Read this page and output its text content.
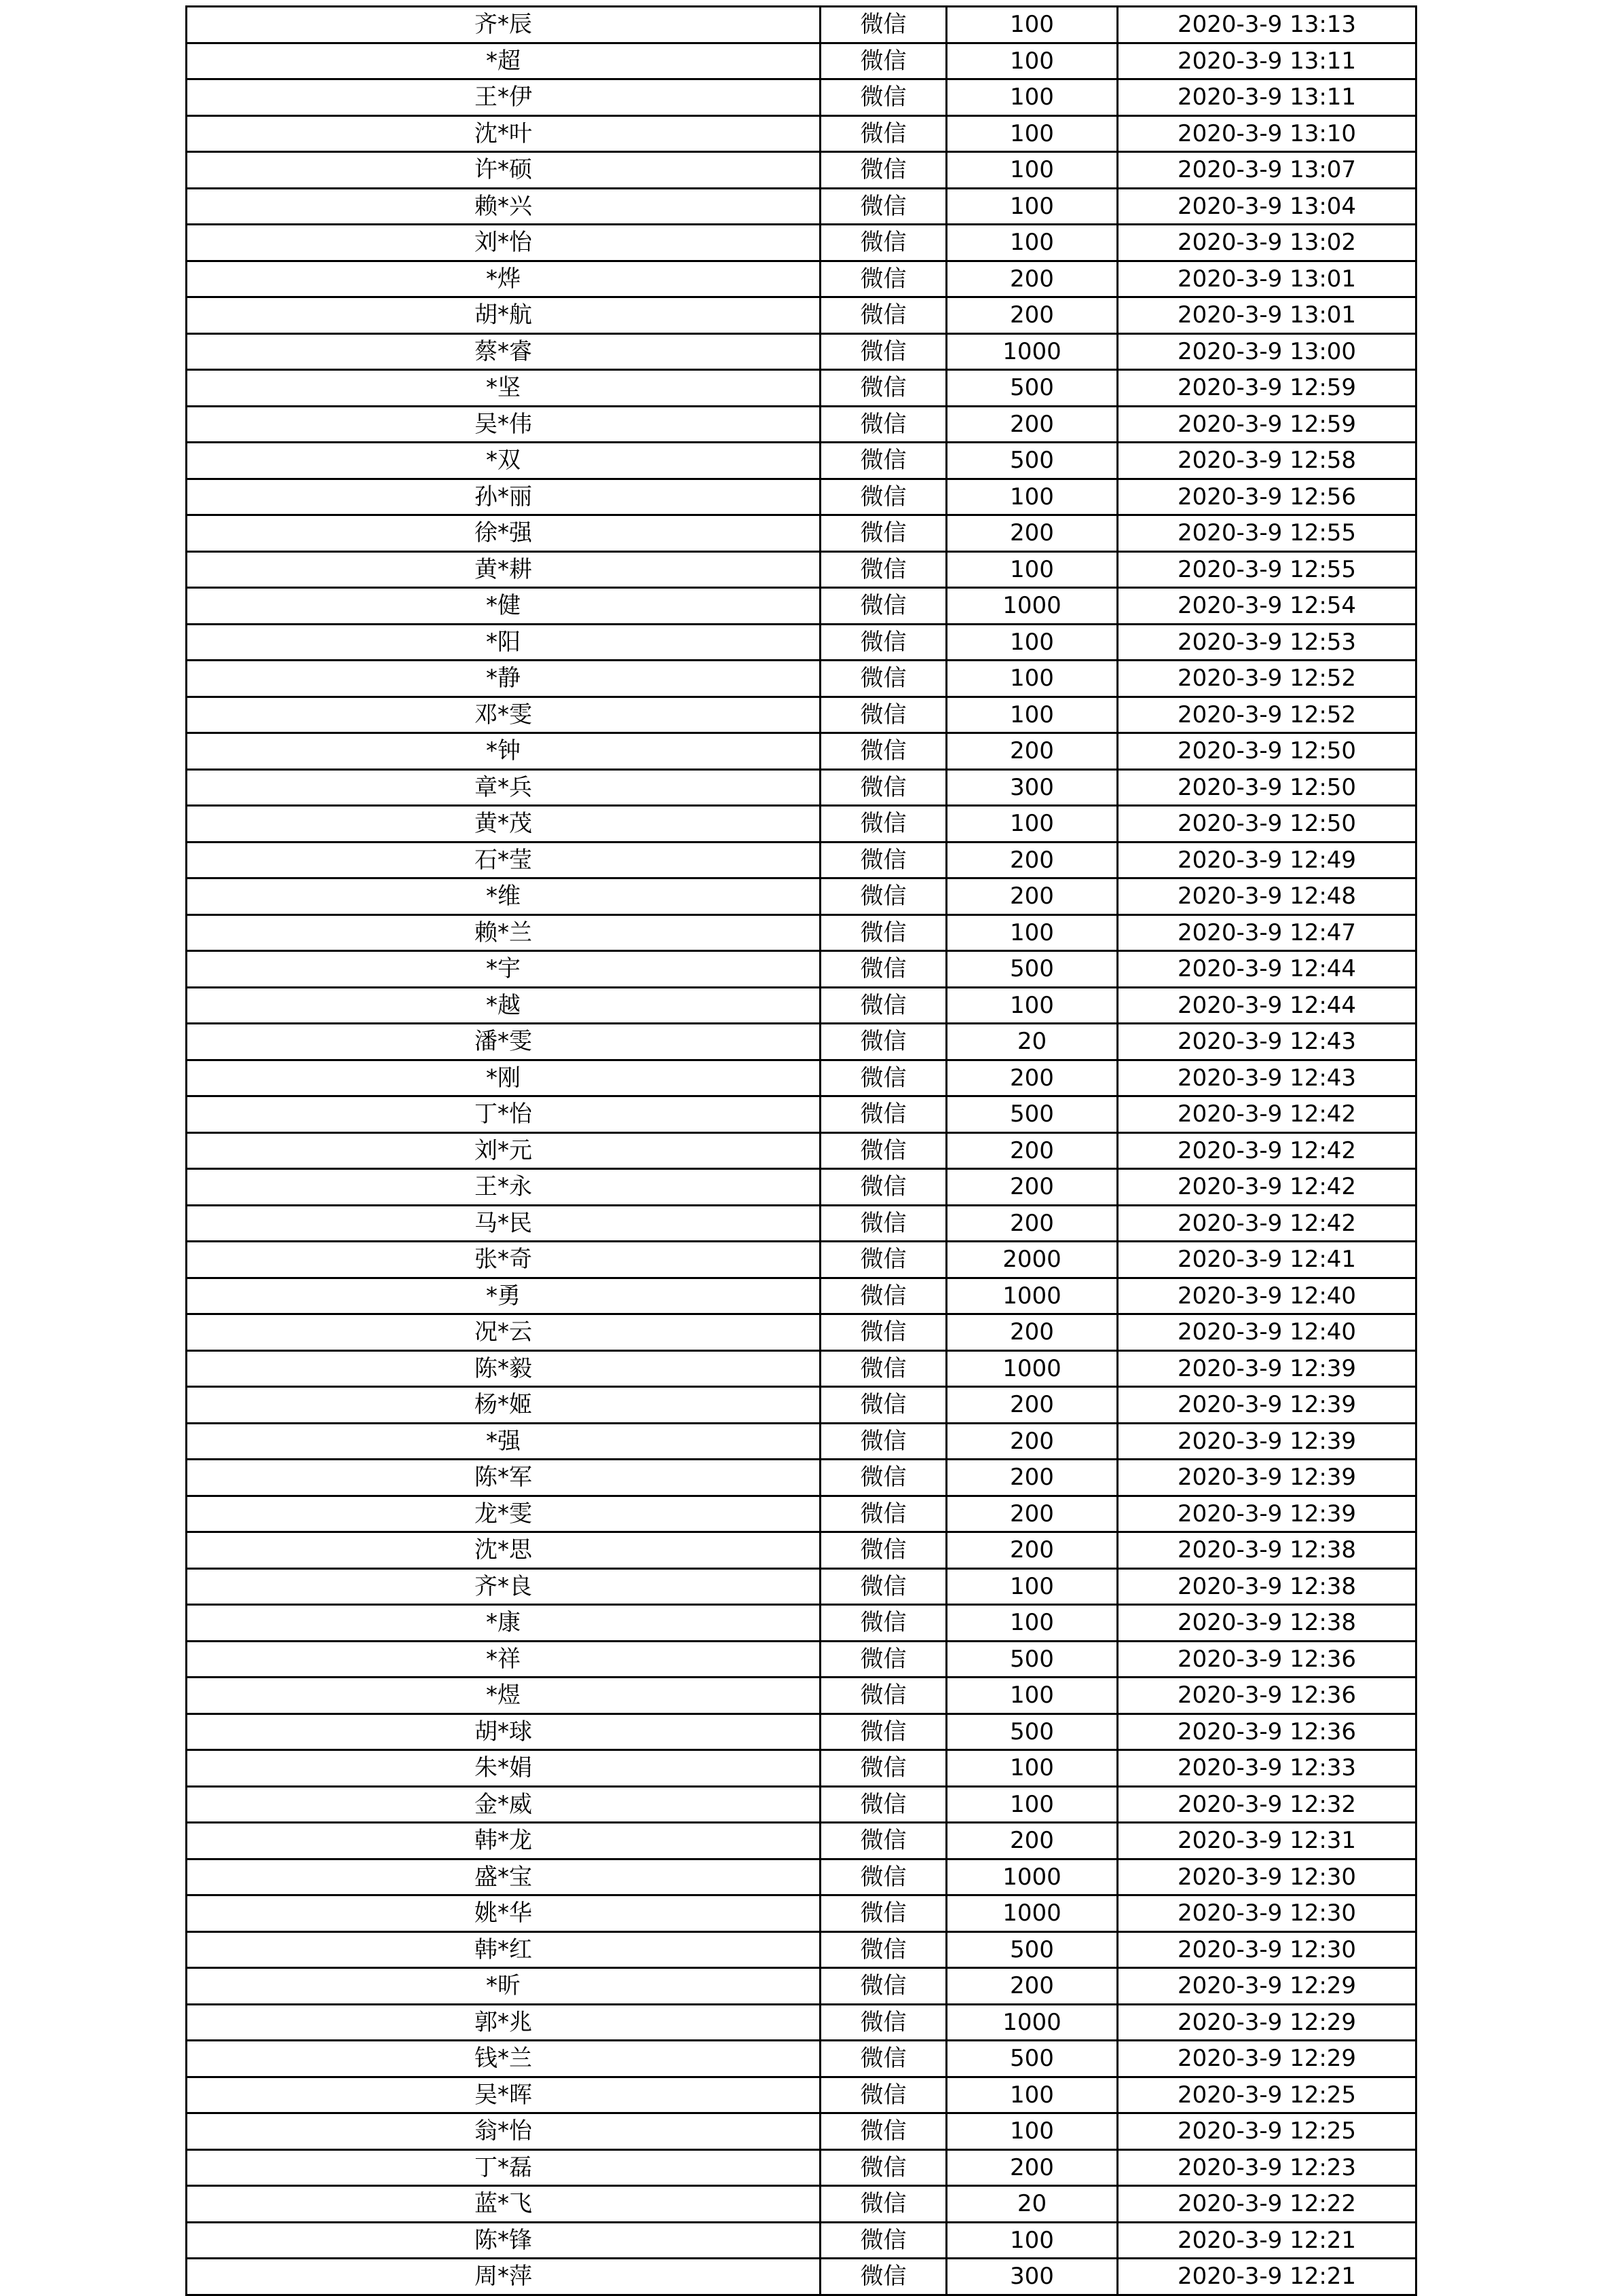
齐*辰	微信	100	2020-3-9 13:13
*超	微信	100	2020-3-9 13:11
王*伊	微信	100	2020-3-9 13:11
沈*叶	微信	100	2020-3-9 13:10
许*硕	微信	100	2020-3-9 13:07
赖*兴	微信	100	2020-3-9 13:04
刘*怡	微信	100	2020-3-9 13:02
*烨	微信	200	2020-3-9 13:01
胡*航	微信	200	2020-3-9 13:01
蔡*睿	微信	1000	2020-3-9 13:00
*坚	微信	500	2020-3-9 12:59
吴*伟	微信	200	2020-3-9 12:59
*双	微信	500	2020-3-9 12:58
孙*丽	微信	100	2020-3-9 12:56
徐*强	微信	200	2020-3-9 12:55
黄*耕	微信	100	2020-3-9 12:55
*健	微信	1000	2020-3-9 12:54
*阳	微信	100	2020-3-9 12:53
*静	微信	100	2020-3-9 12:52
邓*雯	微信	100	2020-3-9 12:52
*钟	微信	200	2020-3-9 12:50
章*兵	微信	300	2020-3-9 12:50
黄*茂	微信	100	2020-3-9 12:50
石*莹	微信	200	2020-3-9 12:49
*维	微信	200	2020-3-9 12:48
赖*兰	微信	100	2020-3-9 12:47
*宇	微信	500	2020-3-9 12:44
*越	微信	100	2020-3-9 12:44
潘*雯	微信	20	2020-3-9 12:43
*刚	微信	200	2020-3-9 12:43
丁*怡	微信	500	2020-3-9 12:42
刘*元	微信	200	2020-3-9 12:42
王*永	微信	200	2020-3-9 12:42
马*民	微信	200	2020-3-9 12:42
张*奇	微信	2000	2020-3-9 12:41
*勇	微信	1000	2020-3-9 12:40
况*云	微信	200	2020-3-9 12:40
陈*毅	微信	1000	2020-3-9 12:39
杨*姬	微信	200	2020-3-9 12:39
*强	微信	200	2020-3-9 12:39
陈*军	微信	200	2020-3-9 12:39
龙*雯	微信	200	2020-3-9 12:39
沈*思	微信	200	2020-3-9 12:38
齐*良	微信	100	2020-3-9 12:38
*康	微信	100	2020-3-9 12:38
*祥	微信	500	2020-3-9 12:36
*煜	微信	100	2020-3-9 12:36
胡*球	微信	500	2020-3-9 12:36
朱*娟	微信	100	2020-3-9 12:33
金*威	微信	100	2020-3-9 12:32
韩*龙	微信	200	2020-3-9 12:31
盛*宝	微信	1000	2020-3-9 12:30
姚*华	微信	1000	2020-3-9 12:30
韩*红	微信	500	2020-3-9 12:30
*昕	微信	200	2020-3-9 12:29
郭*兆	微信	1000	2020-3-9 12:29
钱*兰	微信	500	2020-3-9 12:29
吴*晖	微信	100	2020-3-9 12:25
翁*怡	微信	100	2020-3-9 12:25
丁*磊	微信	200	2020-3-9 12:23
蓝*飞	微信	20	2020-3-9 12:22
陈*锋	微信	100	2020-3-9 12:21
周*萍	微信	300	2020-3-9 12:21
